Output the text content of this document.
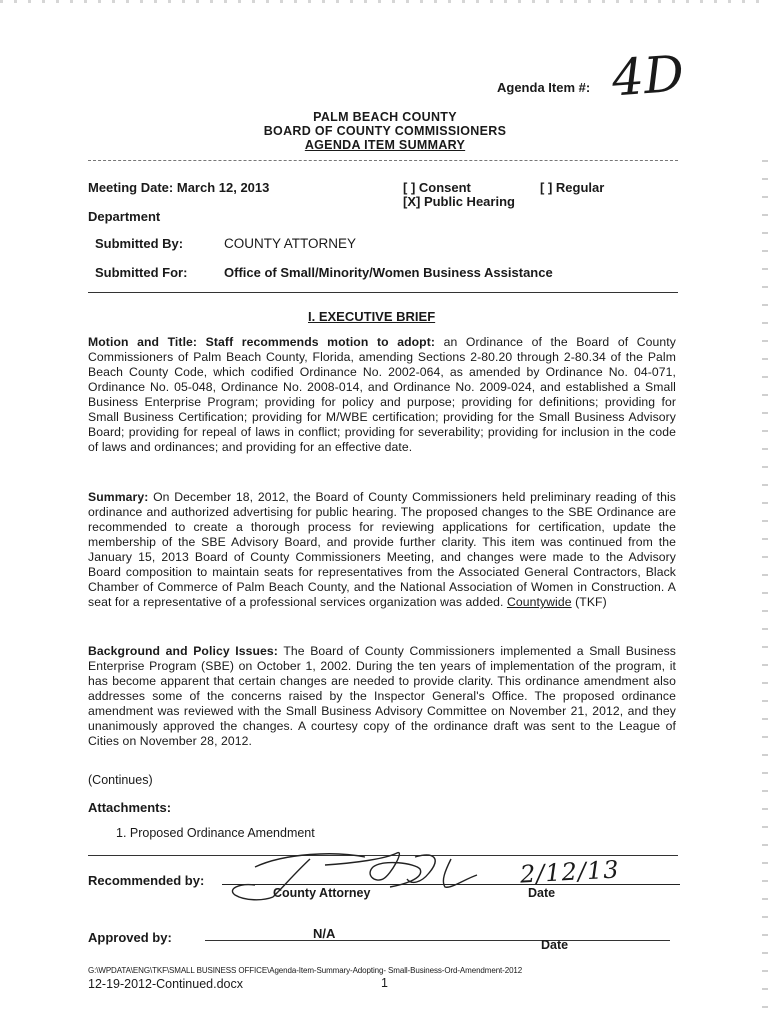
Agenda Item #: 4D
PALM BEACH COUNTY
BOARD OF COUNTY COMMISSIONERS
AGENDA ITEM SUMMARY
Meeting Date: March 12, 2013	[ ] Consent	[ ] Regular
[X] Public Hearing
Department
Submitted By:	COUNTY ATTORNEY
Submitted For:	Office of Small/Minority/Women Business Assistance
I. EXECUTIVE BRIEF
Motion and Title: Staff recommends motion to adopt: an Ordinance of the Board of County Commissioners of Palm Beach County, Florida, amending Sections 2-80.20 through 2-80.34 of the Palm Beach County Code, which codified Ordinance No. 2002-064, as amended by Ordinance No. 04-071, Ordinance No. 05-048, Ordinance No. 2008-014, and Ordinance No. 2009-024, and established a Small Business Enterprise Program; providing for policy and purpose; providing for definitions; providing for Small Business Certification; providing for M/WBE certification; providing for the Small Business Advisory Board; providing for repeal of laws in conflict; providing for severability; providing for inclusion in the code of laws and ordinances; and providing for an effective date.
Summary: On December 18, 2012, the Board of County Commissioners held preliminary reading of this ordinance and authorized advertising for public hearing. The proposed changes to the SBE Ordinance are recommended to create a thorough process for reviewing applications for certification, update the membership of the SBE Advisory Board, and provide further clarity. This item was continued from the January 15, 2013 Board of County Commissioners Meeting, and changes were made to the Advisory Board composition to maintain seats for representatives from the Associated General Contractors, Black Chamber of Commerce of Palm Beach County, and the National Association of Women in Construction. A seat for a representative of a professional services organization was added. Countywide (TKF)
Background and Policy Issues: The Board of County Commissioners implemented a Small Business Enterprise Program (SBE) on October 1, 2002. During the ten years of implementation of the program, it has become apparent that certain changes are needed to provide clarity. This ordinance amendment also addresses some of the concerns raised by the Inspector General's Office. The proposed ordinance amendment was reviewed with the Small Business Advisory Committee on November 21, 2012, and they unanimously approved the changes. A courtesy copy of the ordinance draft was sent to the League of Cities on November 28, 2012.
(Continues)
Attachments:
1. Proposed Ordinance Amendment
Recommended by:
County Attorney	Date
2/12/13
Approved by:	N/A
Date
G:\WPDATA\ENG\TKF\SMALL BUSINESS OFFICE\Agenda-Item-Summary-Adopting- Small-Business-Ord-Amendment-2012
12-19-2012-Continued.docx	1
